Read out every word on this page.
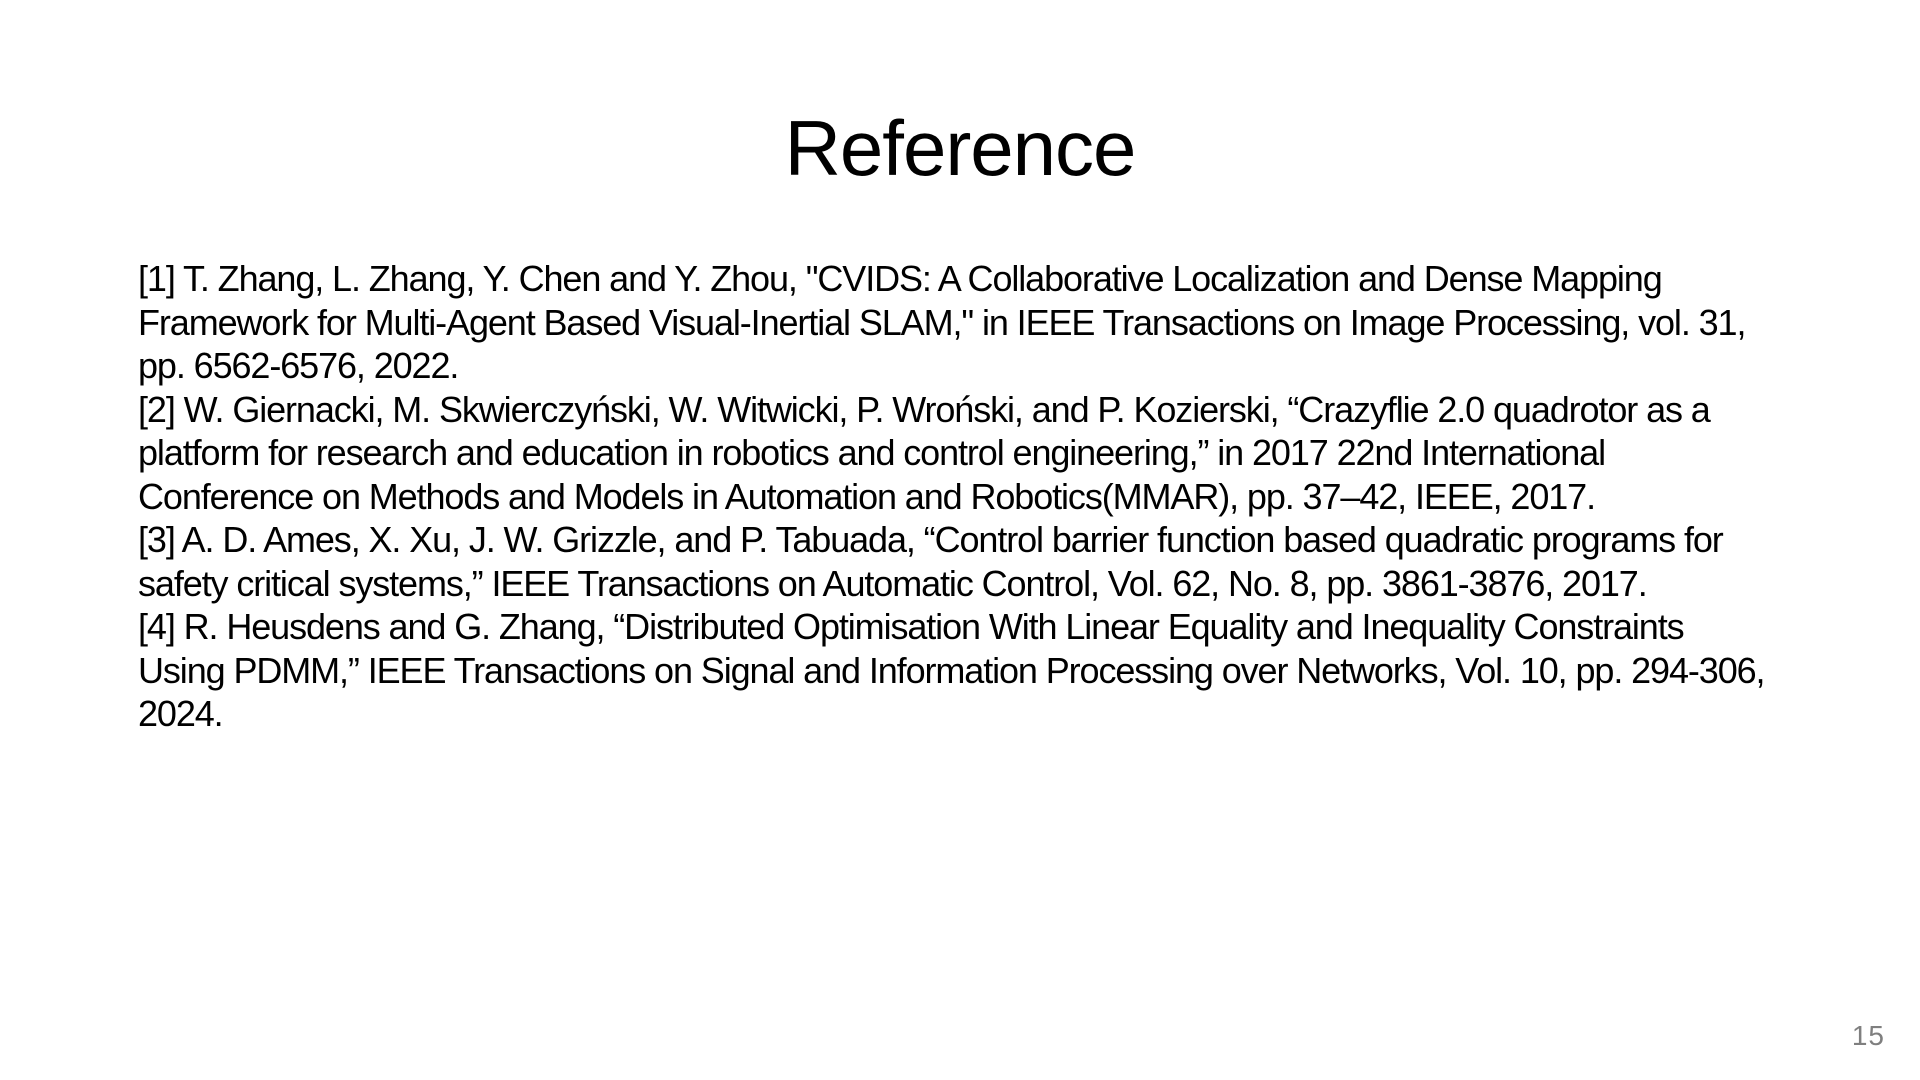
Reference
[1] T. Zhang, L. Zhang, Y. Chen and Y. Zhou, "CVIDS: A Collaborative Localization and Dense Mapping Framework for Multi-Agent Based Visual-Inertial SLAM," in IEEE Transactions on Image Processing, vol. 31, pp. 6562-6576, 2022.
[2] W. Giernacki, M. Skwierczyński, W. Witwicki, P. Wroński, and P. Kozierski, “Crazyflie 2.0 quadrotor as a platform for research and education in robotics and control engineering,” in 2017 22nd International Conference on Methods and Models in Automation and Robotics(MMAR), pp. 37–42, IEEE, 2017.
[3] A. D. Ames, X. Xu, J. W. Grizzle, and P. Tabuada, “Control barrier function based quadratic programs for safety critical systems,” IEEE Transactions on Automatic Control, Vol. 62, No. 8, pp. 3861-3876, 2017.
[4] R. Heusdens and G. Zhang, “Distributed Optimisation With Linear Equality and Inequality Constraints Using PDMM,” IEEE Transactions on Signal and Information Processing over Networks, Vol. 10, pp. 294-306, 2024.
15
